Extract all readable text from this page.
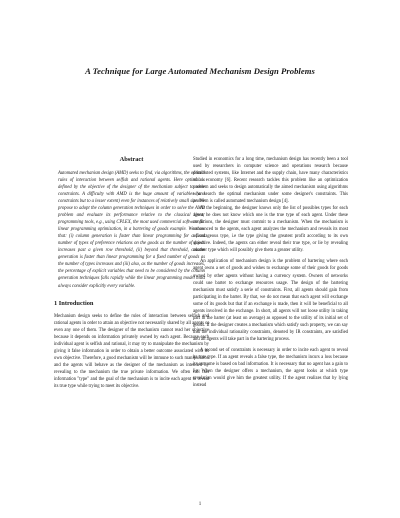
A Technique for Large Automated Mechanism Design Problems
Abstract

Automated mechanism design (AMD) seeks to find, via algorithms, the optimal rules of interaction between selfish and rational agents. Here optimal is defined by the objective of the designer of the mechanism subject to some constraints. A difficulty with AMD is the huge amount of variables (and constraints but to a lesser extent) even for instances of relatively small size. We propose to adopt the column generation techniques in order to solve the AMD problem and evaluate its performance relative to the classical linear programming tools, e.g., using CPLEX, the most used commercial software for linear programming optimization, in a bartering of goods example. We show that: (i) column generation is faster than linear programming for a fixed number of types of preference relations on the goods as the number of goods increases past a given row threshold, (ii) beyond that threshold, column generation is faster than linear programming for a fixed number of goods as the number of types increases and (iii) also, as the number of goods increases, the percentage of explicit variables that need to be considered by the column generation techniques falls rapidly while the linear programming model must always consider explicitly every variable.

1 Introduction

Mechanism design seeks to define the rules of interaction between selfish and rational agents in order to attain an objective not necessarily shared by all agents or even any one of them. The designer of the mechanism cannot read her objective because it depends on information privately owned by each agent. Because each individual agent is selfish and rational, it may try to manipulate the mechanism by giving it false information in order to obtain a better outcome associated with its own objective. Therefore, a good mechanism will be immune to such manipulation and the agents will behave as the designer of the mechanism as intended by revealing to the mechanism the true private information. We often call this information "type" and the goal of the mechanism is to incite each agent to reveal its true type while trying to meet its objective.

Studied in economics for a long time, mechanism design has recently been a tool used by researchers in computer science and operations research because distributed systems, like Internet and the supply chain, have many characteristics of an economy [6]. Recent research tackles this problem like an optimization problem and seeks to design automatically the aimed mechanism using algorithms who search the optimal mechanism under some designer's constraints. This problem is called automated mechanism design [4].

At the beginning, the designer knows only the list of possibles types for each agent, he does not know which one is the true type of each agent. Under these conditions, the designer must commit to a mechanism. When the mechanism is announced to the agents, each agent analyzes the mechanism and reveals its most advantageous type, i.e the type giving the greatest profit according to its own objective. Indeed, the agents can either reveal their true type, or lie by revealing another type which will possibly give them a greater utility.

An application of mechanism design is the problem of bartering where each agent owns a set of goods and wishes to exchange some of their goods for goods owned by other agents without having a currency system. Owners of networks could use barter to exchange resources usage. The design of the bartering mechanism must satisfy a serie of constraints. First, all agents should gain from participating in the barter. By that, we do not mean that each agent will exchange some of its goods but that if an exchange is made, then it will be beneficial to all agents involved in the exchange. In short, all agents will not loose utility in taking part in the barter (at least on average) as opposed to the utility of its initial set of goods. If the designer creates a mechanism which satisfy such property, we can say that the individual rationality constraints, denoted by IR constraints, are satisfied and all agents will take part in the bartering process.

A second set of constraints is necessary in order to incite each agent to reveal its true type. If an agent reveals a false type, the mechanism incurs a loss because its outcome is based on bad information. It is necessary that no agent has a gain to lie. When the designer offers a mechanism, the agent looks at which type revelation would give him the greatest utility. If the agent realizes that by lying instead

1
